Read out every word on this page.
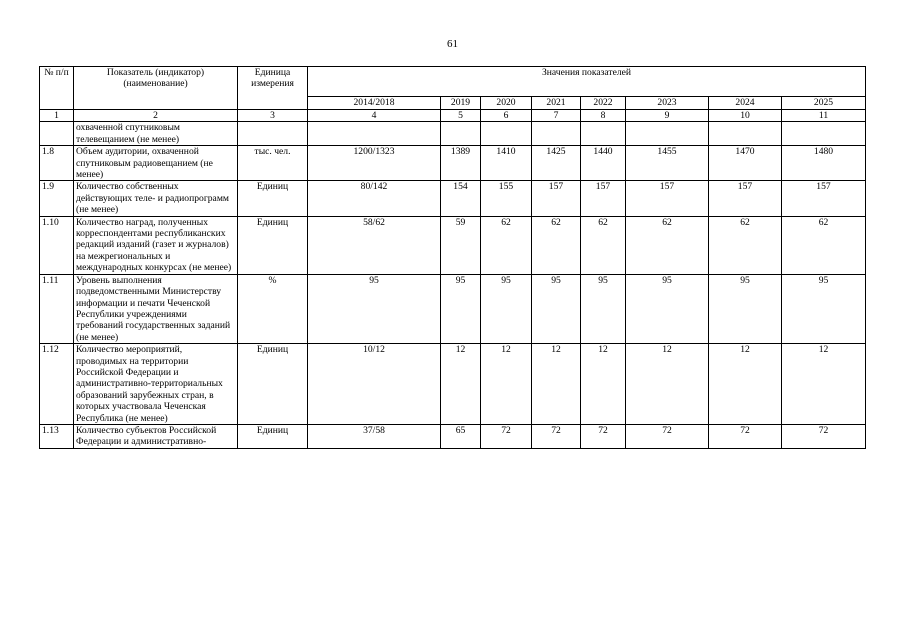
61
№ п/п	Показатель (индикатор) (наименование)	Единица измерения	Значения показателей							
			2014/2018	2019	2020	2021	2022	2023	2024	2025
1	2	3	4	5	6	7	8	9	10	11
	охваченной спутниковым телевещанием (не менее)									
1.8	Объем аудитории, охваченной спутниковым радиовещанием (не менее)	тыс. чел.	1200/1323	1389	1410	1425	1440	1455	1470	1480
1.9	Количество собственных действующих теле- и радиопрограмм (не менее)	Единиц	80/142	154	155	157	157	157	157	157
1.10	Количество наград, полученных корреспондентами республиканских редакций изданий (газет и журналов) на межрегиональных и международных конкурсах (не менее)	Единиц	58/62	59	62	62	62	62	62	62
1.11	Уровень выполнения подведомственными Министерству информации и печати Чеченской Республики учреждениями требований государственных заданий (не менее)	%	95	95	95	95	95	95	95	95
1.12	Количество мероприятий, проводимых на территории Российской Федерации и административно-территориальных образований зарубежных стран, в которых участвовала Чеченская Республика (не менее)	Единиц	10/12	12	12	12	12	12	12	12
1.13	Количество субъектов Российской Федерации и административно-	Единиц	37/58	65	72	72	72	72	72	72
